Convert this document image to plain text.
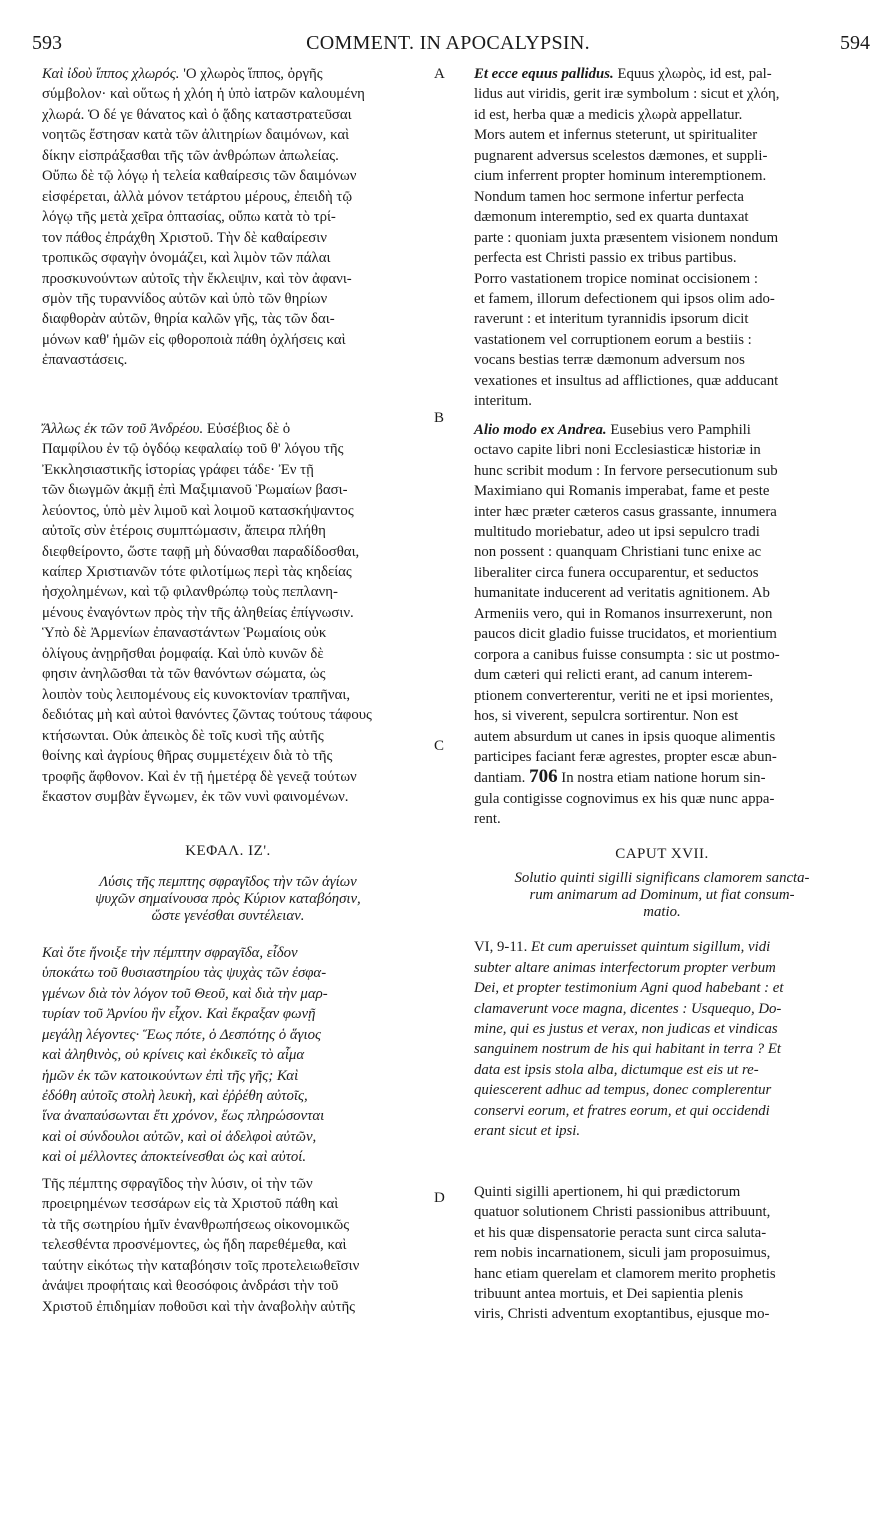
593	COMMENT. IN APOCALYPSIN.	594
A
B
C
D

Καὶ ἰδοὺ ἵππος χλωρός. 'Ο χλωρὸς ἵππος, ὀργῆς
σύμβολον· καὶ οὕτως ἡ χλόη ἡ ὑπὸ ἰατρῶν καλουμένη
χλωρά. Ὁ δέ γε θάνατος καὶ ὁ ᾅδης καταστρατεῦσαι
νοητῶς ἔστησαν κατὰ τῶν ἀλιτηρίων δαιμόνων, καὶ
δίκην εἰσπράξασθαι τῆς τῶν ἀνθρώπων ἀπωλείας.
Οὔπω δὲ τῷ λόγῳ ἡ τελεία καθαίρεσις τῶν δαιμόνων
εἰσφέρεται, ἀλλὰ μόνον τετάρτου μέρους, ἐπειδὴ τῷ
λόγῳ τῆς μετὰ χεῖρα ὀπτασίας, οὔπω κατὰ τὸ τρί-
τον πάθος ἐπράχθη Χριστοῦ. Τὴν δὲ καθαίρεσιν
τροπικῶς σφαγὴν ὀνομάζει, καὶ λιμὸν τῶν πάλαι
προσκυνούντων αὐτοῖς τὴν ἔκλειψιν, καὶ τὸν ἀφανι-
σμὸν τῆς τυραννίδος αὐτῶν καὶ ὑπὸ τῶν θηρίων
διαφθορὰν αὐτῶν, θηρία καλῶν γῆς, τὰς τῶν δαι-
μόνων καθ' ἡμῶν εἰς φθοροποιὰ πάθη ὀχλήσεις καὶ
ἐπαναστάσεις.

Ἄλλως ἐκ τῶν τοῦ Ἀνδρέου. Εὐσέβιος δὲ ὁ
Παμφίλου ἐν τῷ ὀγδόῳ κεφαλαίῳ τοῦ θ' λόγου τῆς
Ἐκκλησιαστικῆς ἱστορίας γράφει τάδε· Ἐν τῇ
τῶν διωγμῶν ἀκμῇ ἐπὶ Μαξιμιανοῦ Ῥωμαίων βασι-
λεύοντος, ὑπὸ μὲν λιμοῦ καὶ λοιμοῦ κατασκήψαντος
αὐτοῖς σὺν ἑτέροις συμπτώμασιν, ἄπειρα πλήθη
διεφθείροντο, ὥστε ταφῇ μὴ δύνασθαι παραδίδοσθαι,
καίπερ Χριστιανῶν τότε φιλοτίμως περὶ τὰς κηδείας
ἠσχολημένων, καὶ τῷ φιλανθρώπῳ τοὺς πεπλανη-
μένους ἐναγόντων πρὸς τὴν τῆς ἀληθείας ἐπίγνωσιν.
Ὑπὸ δὲ Ἀρμενίων ἐπαναστάντων Ῥωμαίοις οὐκ
ὀλίγους ἀνῃρῆσθαι ῥομφαίᾳ. Καὶ ὑπὸ κυνῶν δὲ
φησιν ἀνηλῶσθαι τὰ τῶν θανόντων σώματα, ὡς
λοιπὸν τοὺς λειπομένους εἰς κυνοκτονίαν τραπῆναι,
δεδιότας μὴ καὶ αὐτοὶ θανόντες ζῶντας τούτους τάφους
κτήσωνται. Οὐκ ἀπεικὸς δὲ τοῖς κυσὶ τῆς αὐτῆς
θοίνης καὶ ἀγρίους θῆρας συμμετέχειν διὰ τὸ τῆς
τροφῆς ἄφθονον. Καὶ ἐν τῇ ἡμετέρᾳ δὲ γενεᾷ τούτων
ἕκαστον συμβὰν ἔγνωμεν, ἐκ τῶν νυνὶ φαινομένων.

ΚΕΦΑΛ. ΙΖ'.

Λύσις τῆς πεμπτης σφραγῖδος τὴν τῶν ἁγίων
ψυχῶν σημαίνουσα πρὸς Κύριον καταβόησιν,
ὥστε γενέσθαι συντέλειαν.

Καὶ ὅτε ἤνοιξε τὴν πέμπτην σφραγῖδα, εἶδον
ὑποκάτω τοῦ θυσιαστηρίου τὰς ψυχὰς τῶν ἐσφα-
γμένων διὰ τὸν λόγον τοῦ Θεοῦ, καὶ διὰ τὴν μαρ-
τυρίαν τοῦ Ἀρνίου ἣν εἶχον. Καὶ ἔκραξαν φωνῇ
μεγάλῃ λέγοντες· Ἕως πότε, ὁ Δεσπότης ὁ ἅγιος
καὶ ἀληθινὸς, οὐ κρίνεις καὶ ἐκδικεῖς τὸ αἷμα
ἡμῶν ἐκ τῶν κατοικούντων ἐπὶ τῆς γῆς; Καὶ
ἐδόθη αὐτοῖς στολὴ λευκὴ, καὶ ἐῤῥέθη αὐτοῖς,
ἵνα ἀναπαύσωνται ἔτι χρόνον, ἕως πληρώσονται
καὶ οἱ σύνδουλοι αὐτῶν, καὶ οἱ ἀδελφοὶ αὐτῶν,
καὶ οἱ μέλλοντες ἀποκτείνεσθαι ὡς καὶ αὐτοί.

Τῆς πέμπτης σφραγῖδος τὴν λύσιν, οἱ τὴν τῶν
προειρημένων τεσσάρων εἰς τὰ Χριστοῦ πάθη καὶ
τὰ τῆς σωτηρίου ἡμῖν ἐνανθρωπήσεως οἰκονομικῶς
τελεσθέντα προσνέμοντες, ὡς ἤδη παρεθέμεθα, καὶ
ταύτην εἰκότως τὴν καταβόησιν τοῖς προτελειωθεῖσιν
ἀνάψει προφήταις καὶ θεοσόφοις ἀνδράσι τὴν τοῦ
Χριστοῦ ἐπιδημίαν ποθοῦσι καὶ τὴν ἀναβολὴν αὐτῆς

Et ecce equus pallidus. Equus χλωρὸς, id est, pal-
lidus aut viridis, gerit iræ symbolum : sicut et χλόη,
id est, herba quæ a medicis χλωρὰ appellatur.
Mors autem et infernus steterunt, ut spiritualiter
pugnarent adversus scelestos dæmones, et suppli-
cium inferrent propter hominum interemptionem.
Nondum tamen hoc sermone infertur perfecta
dæmonum interemptio, sed ex quarta duntaxat
parte : quoniam juxta præsentem visionem nondum
perfecta est Christi passio ex tribus partibus.
Porro vastationem tropice nominat occisionem :
et famem, illorum defectionem qui ipsos olim ado-
raverunt : et interitum tyrannidis ipsorum dicit
vastationem vel corruptionem eorum a bestiis :
vocans bestias terræ dæmonum adversum nos
vexationes et insultus ad afflictiones, quæ adducant
interitum.

Alio modo ex Andrea. Eusebius vero Pamphili
octavo capite libri noni Ecclesiasticæ historiæ in
hunc scribit modum : In fervore persecutionum sub
Maximiano qui Romanis imperabat, fame et peste
inter hæc præter cæteros casus grassante, innumera
multitudo moriebatur, adeo ut ipsi sepulcro tradi
non possent : quanquam Christiani tunc enixe ac
liberaliter circa funera occuparentur, et seductos
humanitate inducerent ad veritatis agnitionem. Ab
Armeniis vero, qui in Romanos insurrexerunt, non
paucos dicit gladio fuisse trucidatos, et morientium
corpora a canibus fuisse consumpta : sic ut postmo-
dum cæteri qui relicti erant, ad canum interem-
ptionem converterentur, veriti ne et ipsi morientes,
hos, si viverent, sepulcra sortirentur. Non est
autem absurdum ut canes in ipsis quoque alimentis
participes faciant feræ agrestes, propter escæ abun-
dantiam. 706 In nostra etiam natione horum sin-
gula contigisse cognovimus ex his quæ nunc appa-
rent.

CAPUT XVII.

Solutio quinti sigilli significans clamorem sancta-
rum animarum ad Dominum, ut fiat consum-
matio.

VI, 9-11. Et cum aperuisset quintum sigillum, vidi
subter altare animas interfectorum propter verbum
Dei, et propter testimonium Agni quod habebant : et
clamaverunt voce magna, dicentes : Usquequo, Do-
mine, qui es justus et verax, non judicas et vindicas
sanguinem nostrum de his qui habitant in terra ? Et
data est ipsis stola alba, dictumque est eis ut re-
quiescerent adhuc ad tempus, donec complerentur
conservi eorum, et fratres eorum, et qui occidendi
erant sicut et ipsi.

Quinti sigilli apertionem, hi qui prædictorum
quatuor solutionem Christi passionibus attribuunt,
et his quæ dispensatorie peracta sunt circa saluta-
rem nobis incarnationem, siculi jam proposuimus,
hanc etiam querelam et clamorem merito prophetis
tribuunt antea mortuis, et Dei sapientia plenis
viris, Christi adventum exoptantibus, ejusque mo-
